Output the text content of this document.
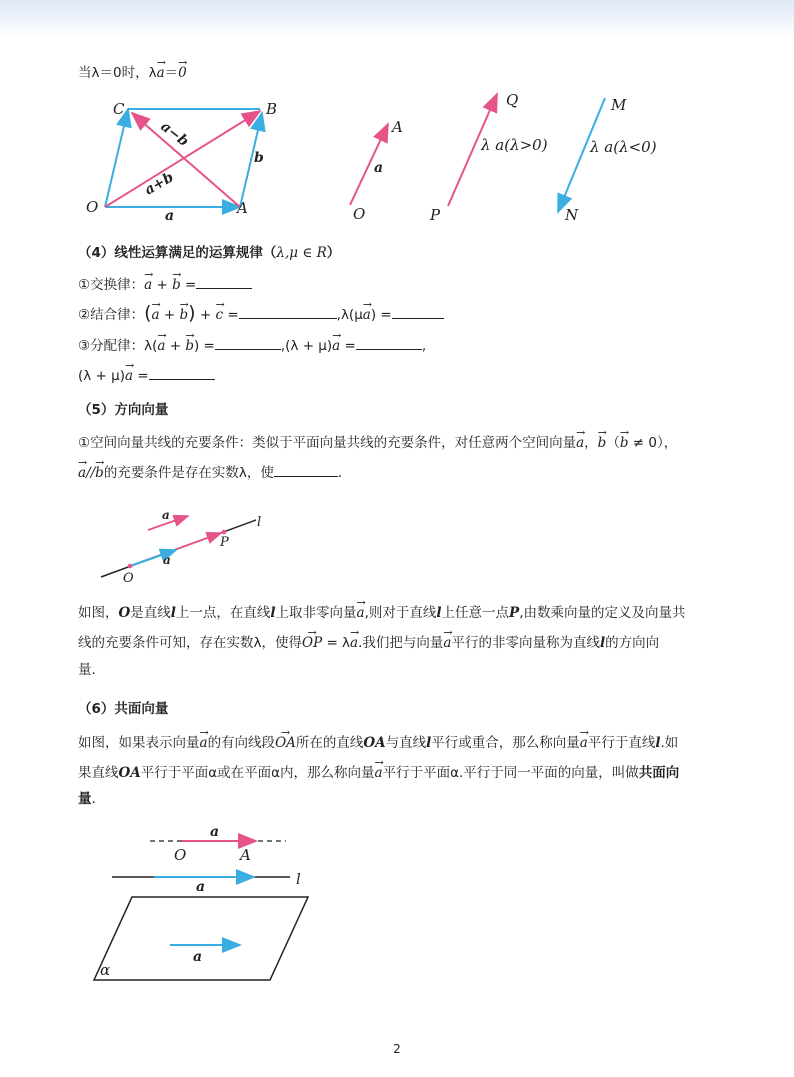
当λ＝0时，λ→ a＝→ 0
C	B
O	A
a−b
a+b
b
a
A
O
a
Q
P
λ a(λ>0)
M
N
λ a(λ<0)
（4）线性运算满足的运算规律（λ,μ ∈ R）
①交换律：→ a + → b =
②结合律：(→ a + → b) + → c =	,λ(μ→ a) =
③分配律：λ(→ a + → b) =	,(λ + μ)→ a =	,
(λ + μ)→ a =
（5）方向向量
①空间向量共线的充要条件：类似于平面向量共线的充要条件，对任意两个空间向量→ a，→ b（→ b ≠ 0），
→ a//→ b的充要条件是存在实数λ，使	．
a	l
P
a
O
如图，O是直线l上一点，在直线l上取非零向量→ a,则对于直线l上任意一点P,由数乘向量的定义及向量共
线的充要条件可知，存在实数λ，使得→ OP = λ→ a.我们把与向量→ a平行的非零向量称为直线l的方向向
量．
（6）共面向量
如图，如果表示向量→ a的有向线段→ OA所在的直线OA与直线l平行或重合，那么称向量→ a平行于直线l.如
果直线OA平行于平面α或在平面α内，那么称向量→ a平行于平面α.平行于同一平面的向量，叫做共面向
量．
a
O	A
a	l
a
α
2
